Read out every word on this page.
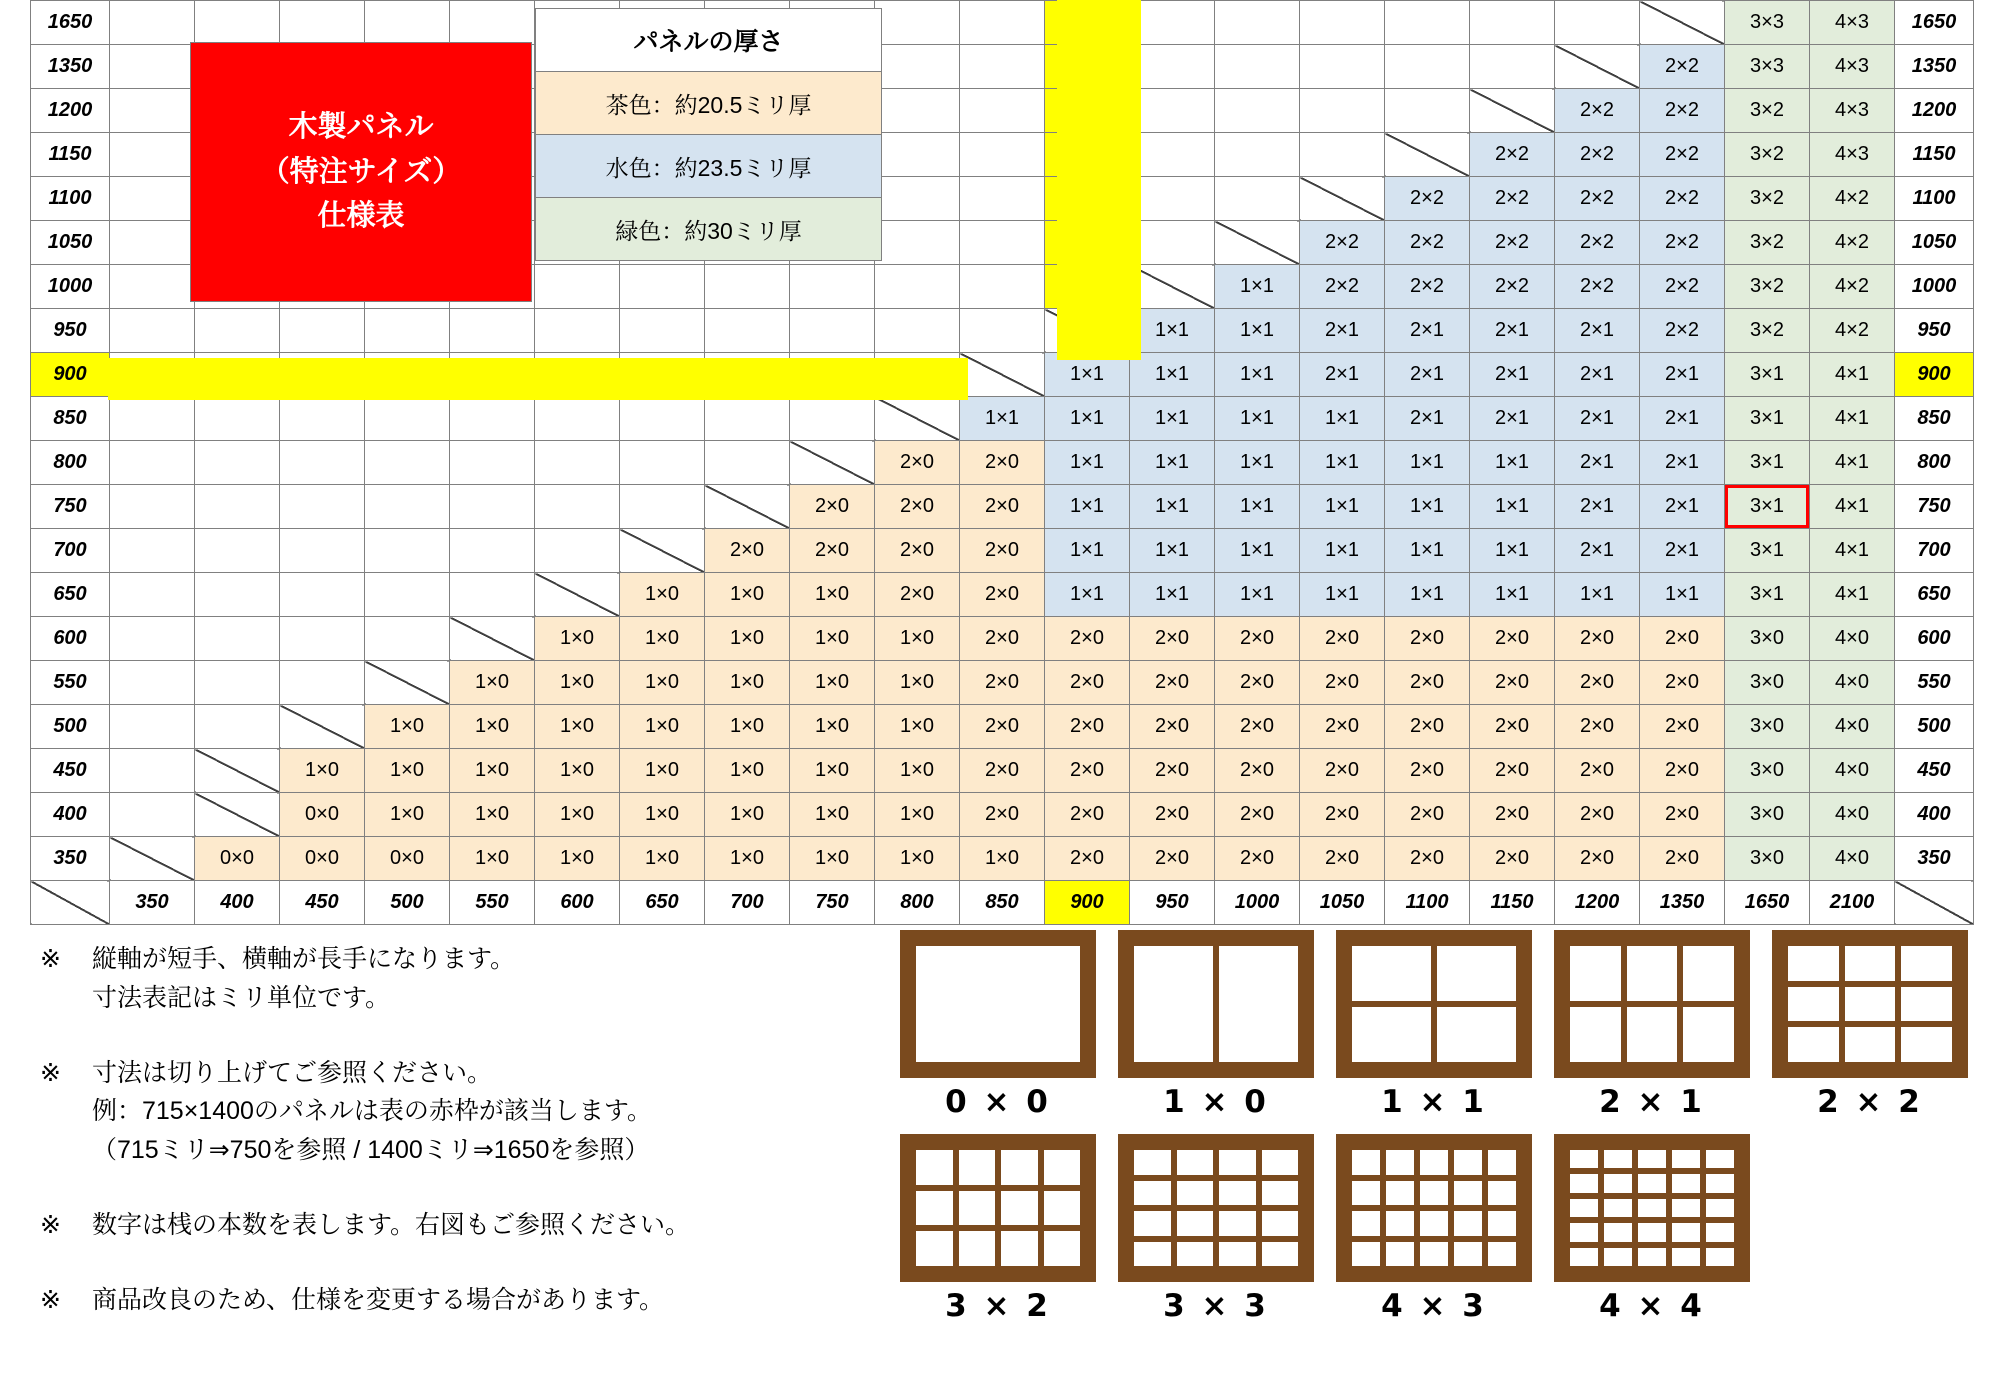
1650																				3×3	4×3	1650
1350																			2×2	3×3	4×3	1350
1200																		2×2	2×2	3×2	4×3	1200
1150																	2×2	2×2	2×2	3×2	4×3	1150
1100																2×2	2×2	2×2	2×2	3×2	4×2	1100
1050															2×2	2×2	2×2	2×2	2×2	3×2	4×2	1050
1000														1×1	2×2	2×2	2×2	2×2	2×2	3×2	4×2	1000
950													1×1	1×1	2×1	2×1	2×1	2×1	2×2	3×2	4×2	950
900												1×1	1×1	1×1	2×1	2×1	2×1	2×1	2×1	3×1	4×1	900
850											1×1	1×1	1×1	1×1	1×1	2×1	2×1	2×1	2×1	3×1	4×1	850
800										2×0	2×0	1×1	1×1	1×1	1×1	1×1	1×1	2×1	2×1	3×1	4×1	800
750									2×0	2×0	2×0	1×1	1×1	1×1	1×1	1×1	1×1	2×1	2×1	3×1	4×1	750
700								2×0	2×0	2×0	2×0	1×1	1×1	1×1	1×1	1×1	1×1	2×1	2×1	3×1	4×1	700
650							1×0	1×0	1×0	2×0	2×0	1×1	1×1	1×1	1×1	1×1	1×1	1×1	1×1	3×1	4×1	650
600						1×0	1×0	1×0	1×0	1×0	2×0	2×0	2×0	2×0	2×0	2×0	2×0	2×0	2×0	3×0	4×0	600
550					1×0	1×0	1×0	1×0	1×0	1×0	2×0	2×0	2×0	2×0	2×0	2×0	2×0	2×0	2×0	3×0	4×0	550
500				1×0	1×0	1×0	1×0	1×0	1×0	1×0	2×0	2×0	2×0	2×0	2×0	2×0	2×0	2×0	2×0	3×0	4×0	500
450			1×0	1×0	1×0	1×0	1×0	1×0	1×0	1×0	2×0	2×0	2×0	2×0	2×0	2×0	2×0	2×0	2×0	3×0	4×0	450
400			0×0	1×0	1×0	1×0	1×0	1×0	1×0	1×0	2×0	2×0	2×0	2×0	2×0	2×0	2×0	2×0	2×0	3×0	4×0	400
350		0×0	0×0	0×0	1×0	1×0	1×0	1×0	1×0	1×0	1×0	2×0	2×0	2×0	2×0	2×0	2×0	2×0	2×0	3×0	4×0	350
	350	400	450	500	550	600	650	700	750	800	850	900	950	1000	1050	1100	1150	1200	1350	1650	2100	
木製パネル
（特注サイズ）
仕様表
パネルの厚さ
茶色：約20.5ミリ厚
水色：約23.5ミリ厚
緑色：約30ミリ厚
※	縦軸が短手、横軸が長手になります。
寸法表記はミリ単位です。
※	寸法は切り上げてご参照ください。
例：715×1400のパネルは表の赤枠が該当します。
（715ミリ⇒750を参照 / 1400ミリ⇒1650を参照）
※	数字は桟の本数を表します。右図もご参照ください。
※	商品改良のため、仕様を変更する場合があります。
0 × 0	1 × 0	1 × 1	2 × 1	2 × 2
3 × 2	3 × 3	4 × 3	4 × 4
